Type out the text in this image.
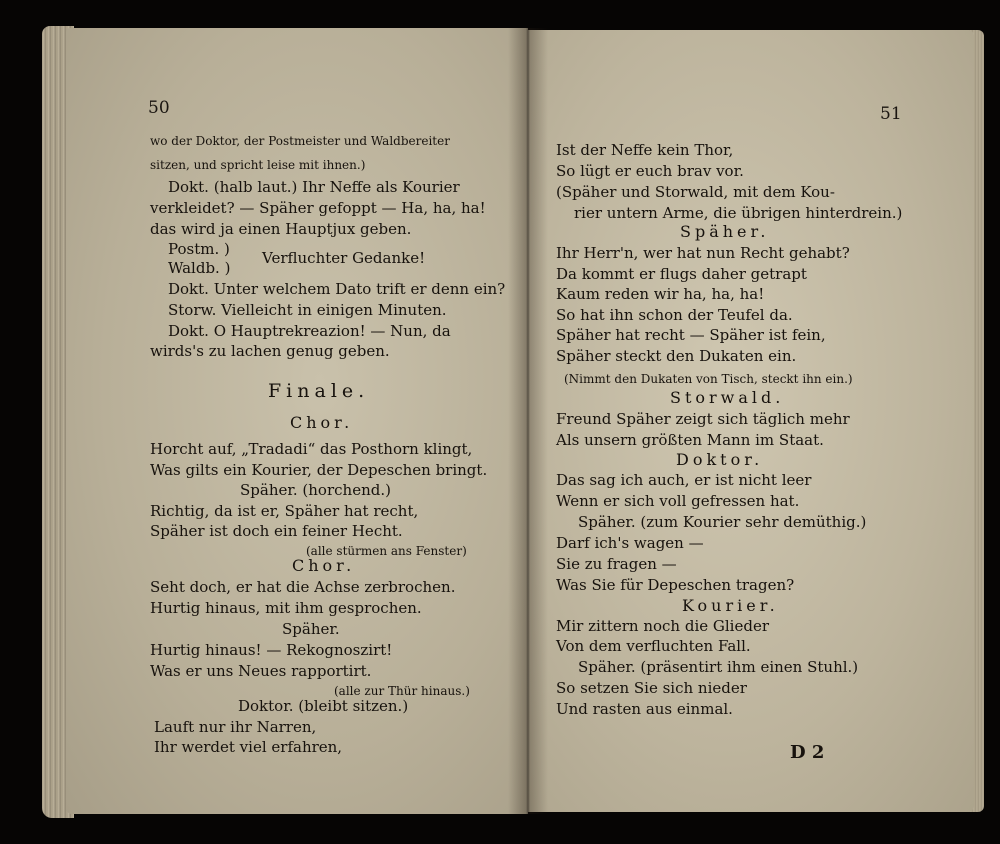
50
wo der Doktor, der Postmeister und Waldbereiter
sitzen, und spricht leise mit ihnen.)
Dokt. (halb laut.) Ihr Neffe als Kourier
verkleidet? — Späher gefoppt — Ha, ha, ha!
das wird ja einen Hauptjux geben.
Postm. ) Verfluchter Gedanke!
Waldb. )
Dokt. Unter welchem Dato trift er denn ein?
Storw. Vielleicht in einigen Minuten.
Dokt. O Hauptrekreazion! — Nun, da
wirds's zu lachen genug geben.
Finale.
Chor.
Horcht auf, „Tradadi“ das Posthorn klingt,
Was gilts ein Kourier, der Depeschen bringt.
Späher. (horchend.)
Richtig, da ist er, Späher hat recht,
Späher ist doch ein feiner Hecht.
(alle stürmen ans Fenster)
Chor.
Seht doch, er hat die Achse zerbrochen.
Hurtig hinaus, mit ihm gesprochen.
Späher.
Hurtig hinaus! — Rekognoszirt!
Was er uns Neues rapportirt.
(alle zur Thür hinaus.)
Doktor. (bleibt sitzen.)
Lauft nur ihr Narren,
Ihr werdet viel erfahren,
51
Ist der Neffe kein Thor,
So lügt er euch brav vor.
(Späher und Storwald, mit dem Kou-
rier untern Arme, die übrigen hinterdrein.)
Späher.
Ihr Herr'n, wer hat nun Recht gehabt?
Da kommt er flugs daher getrapt
Kaum reden wir ha, ha, ha!
So hat ihn schon der Teufel da.
Späher hat recht — Späher ist fein,
Späher steckt den Dukaten ein.
(Nimmt den Dukaten von Tisch, steckt ihn ein.)
Storwald.
Freund Späher zeigt sich täglich mehr
Als unsern größten Mann im Staat.
Doktor.
Das sag ich auch, er ist nicht leer
Wenn er sich voll gefressen hat.
Späher. (zum Kourier sehr demüthig.)
Darf ich's wagen —
Sie zu fragen —
Was Sie für Depeschen tragen?
Kourier.
Mir zittern noch die Glieder
Von dem verfluchten Fall.
Späher. (präsentirt ihm einen Stuhl.)
So setzen Sie sich nieder
Und rasten aus einmal.
D 2
